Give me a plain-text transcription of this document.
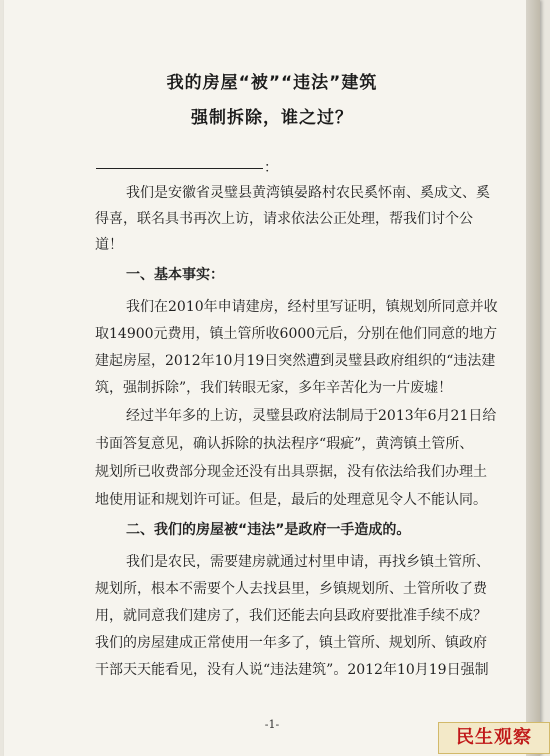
我的房屋“被”“违法”建筑
强制拆除，谁之过？
：
我们是安徽省灵璧县黄湾镇晏路村农民奚怀南、奚成文、奚
得喜，联名具书再次上访，请求依法公正处理，帮我们讨个公
道！
一、基本事实：
我们在2010年申请建房，经村里写证明，镇规划所同意并收
取14900元费用，镇土管所收6000元后，分别在他们同意的地方
建起房屋，2012年10月19日突然遭到灵璧县政府组织的“违法建
筑，强制拆除”，我们转眼无家，多年辛苦化为一片废墟！
经过半年多的上访，灵璧县政府法制局于2013年6月21日给
书面答复意见，确认拆除的执法程序“瑕疵”，黄湾镇土管所、
规划所已收费部分现金还没有出具票据，没有依法给我们办理土
地使用证和规划许可证。但是，最后的处理意见令人不能认同。
二、我们的房屋被“违法”是政府一手造成的。
我们是农民，需要建房就通过村里申请，再找乡镇土管所、
规划所，根本不需要个人去找县里，乡镇规划所、土管所收了费
用，就同意我们建房了，我们还能去向县政府要批准手续不成？
我们的房屋建成正常使用一年多了，镇土管所、规划所、镇政府
干部天天能看见，没有人说“违法建筑”。2012年10月19日强制
-1-
民生观察
